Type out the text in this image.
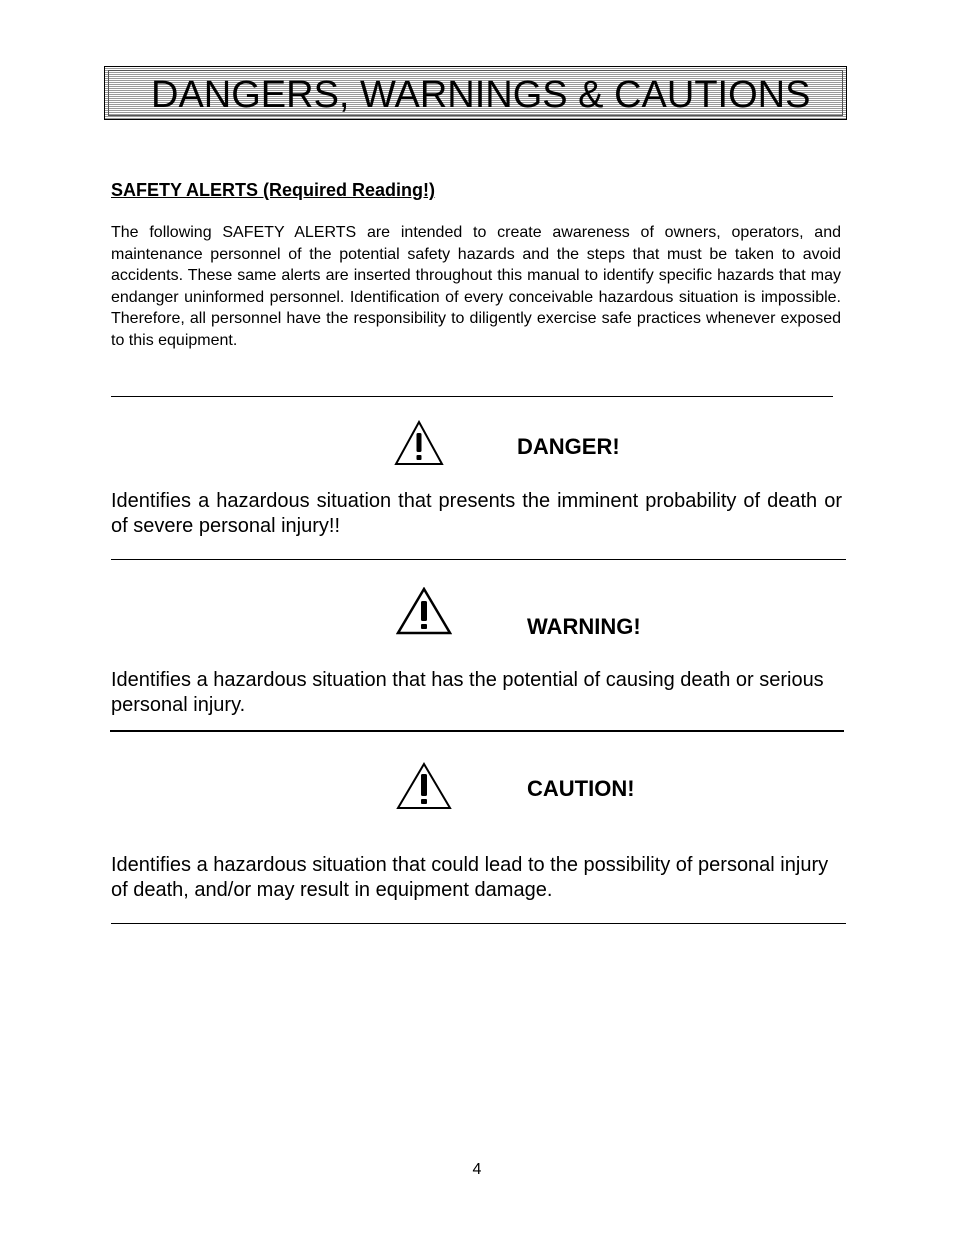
DANGERS, WARNINGS & CAUTIONS
SAFETY ALERTS (Required Reading!)

The following SAFETY ALERTS are intended to create awareness of owners, operators, and maintenance personnel of the potential safety hazards and the steps that must be taken to avoid accidents. These same alerts are inserted throughout this manual to identify specific hazards that may endanger uninformed personnel. Identification of every conceivable hazardous situation is impossible. Therefore, all personnel have the responsibility to diligently exercise safe practices whenever exposed to this equipment.

DANGER!

Identifies a hazardous situation that presents the imminent probability of death or of severe personal injury!!

WARNING!

Identifies a hazardous situation that has the potential of causing death or serious personal injury.

CAUTION!

Identifies a hazardous situation that could lead to the possibility of personal injury of death, and/or may result in equipment damage.

4
